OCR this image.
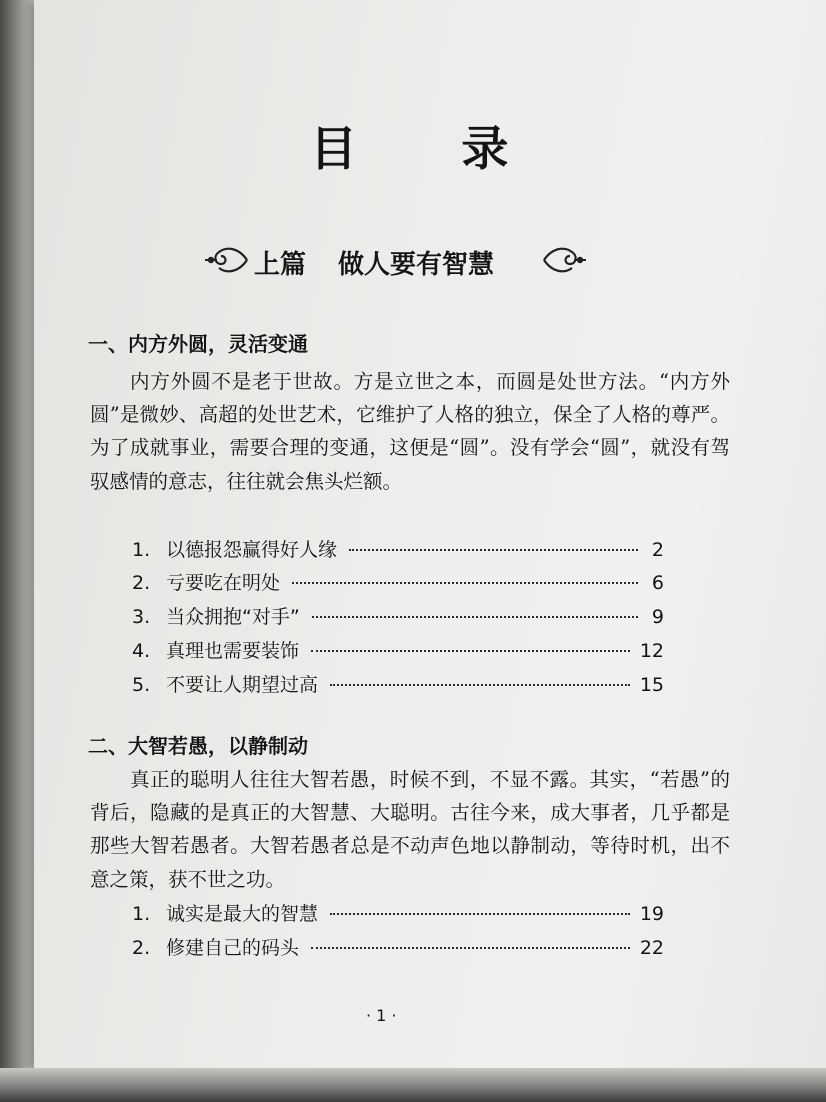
目 录
上篇 做人要有智慧
一、内方外圆，灵活变通
内方外圆不是老于世故。方是立世之本，而圆是处世方法。“内方外圆”是微妙、高超的处世艺术，它维护了人格的独立，保全了人格的尊严。为了成就事业，需要合理的变通，这便是“圆”。没有学会“圆”，就没有驾驭感情的意志，往往就会焦头烂额。
1. 以德报怨赢得好人缘	2
2. 亏要吃在明处	6
3. 当众拥抱“对手”	9
4. 真理也需要装饰	12
5. 不要让人期望过高	15
二、大智若愚，以静制动
真正的聪明人往往大智若愚，时候不到，不显不露。其实，“若愚”的背后，隐藏的是真正的大智慧、大聪明。古往今来，成大事者，几乎都是那些大智若愚者。大智若愚者总是不动声色地以静制动，等待时机，出不意之策，获不世之功。
1. 诚实是最大的智慧	19
2. 修建自己的码头	22
· 1 ·
